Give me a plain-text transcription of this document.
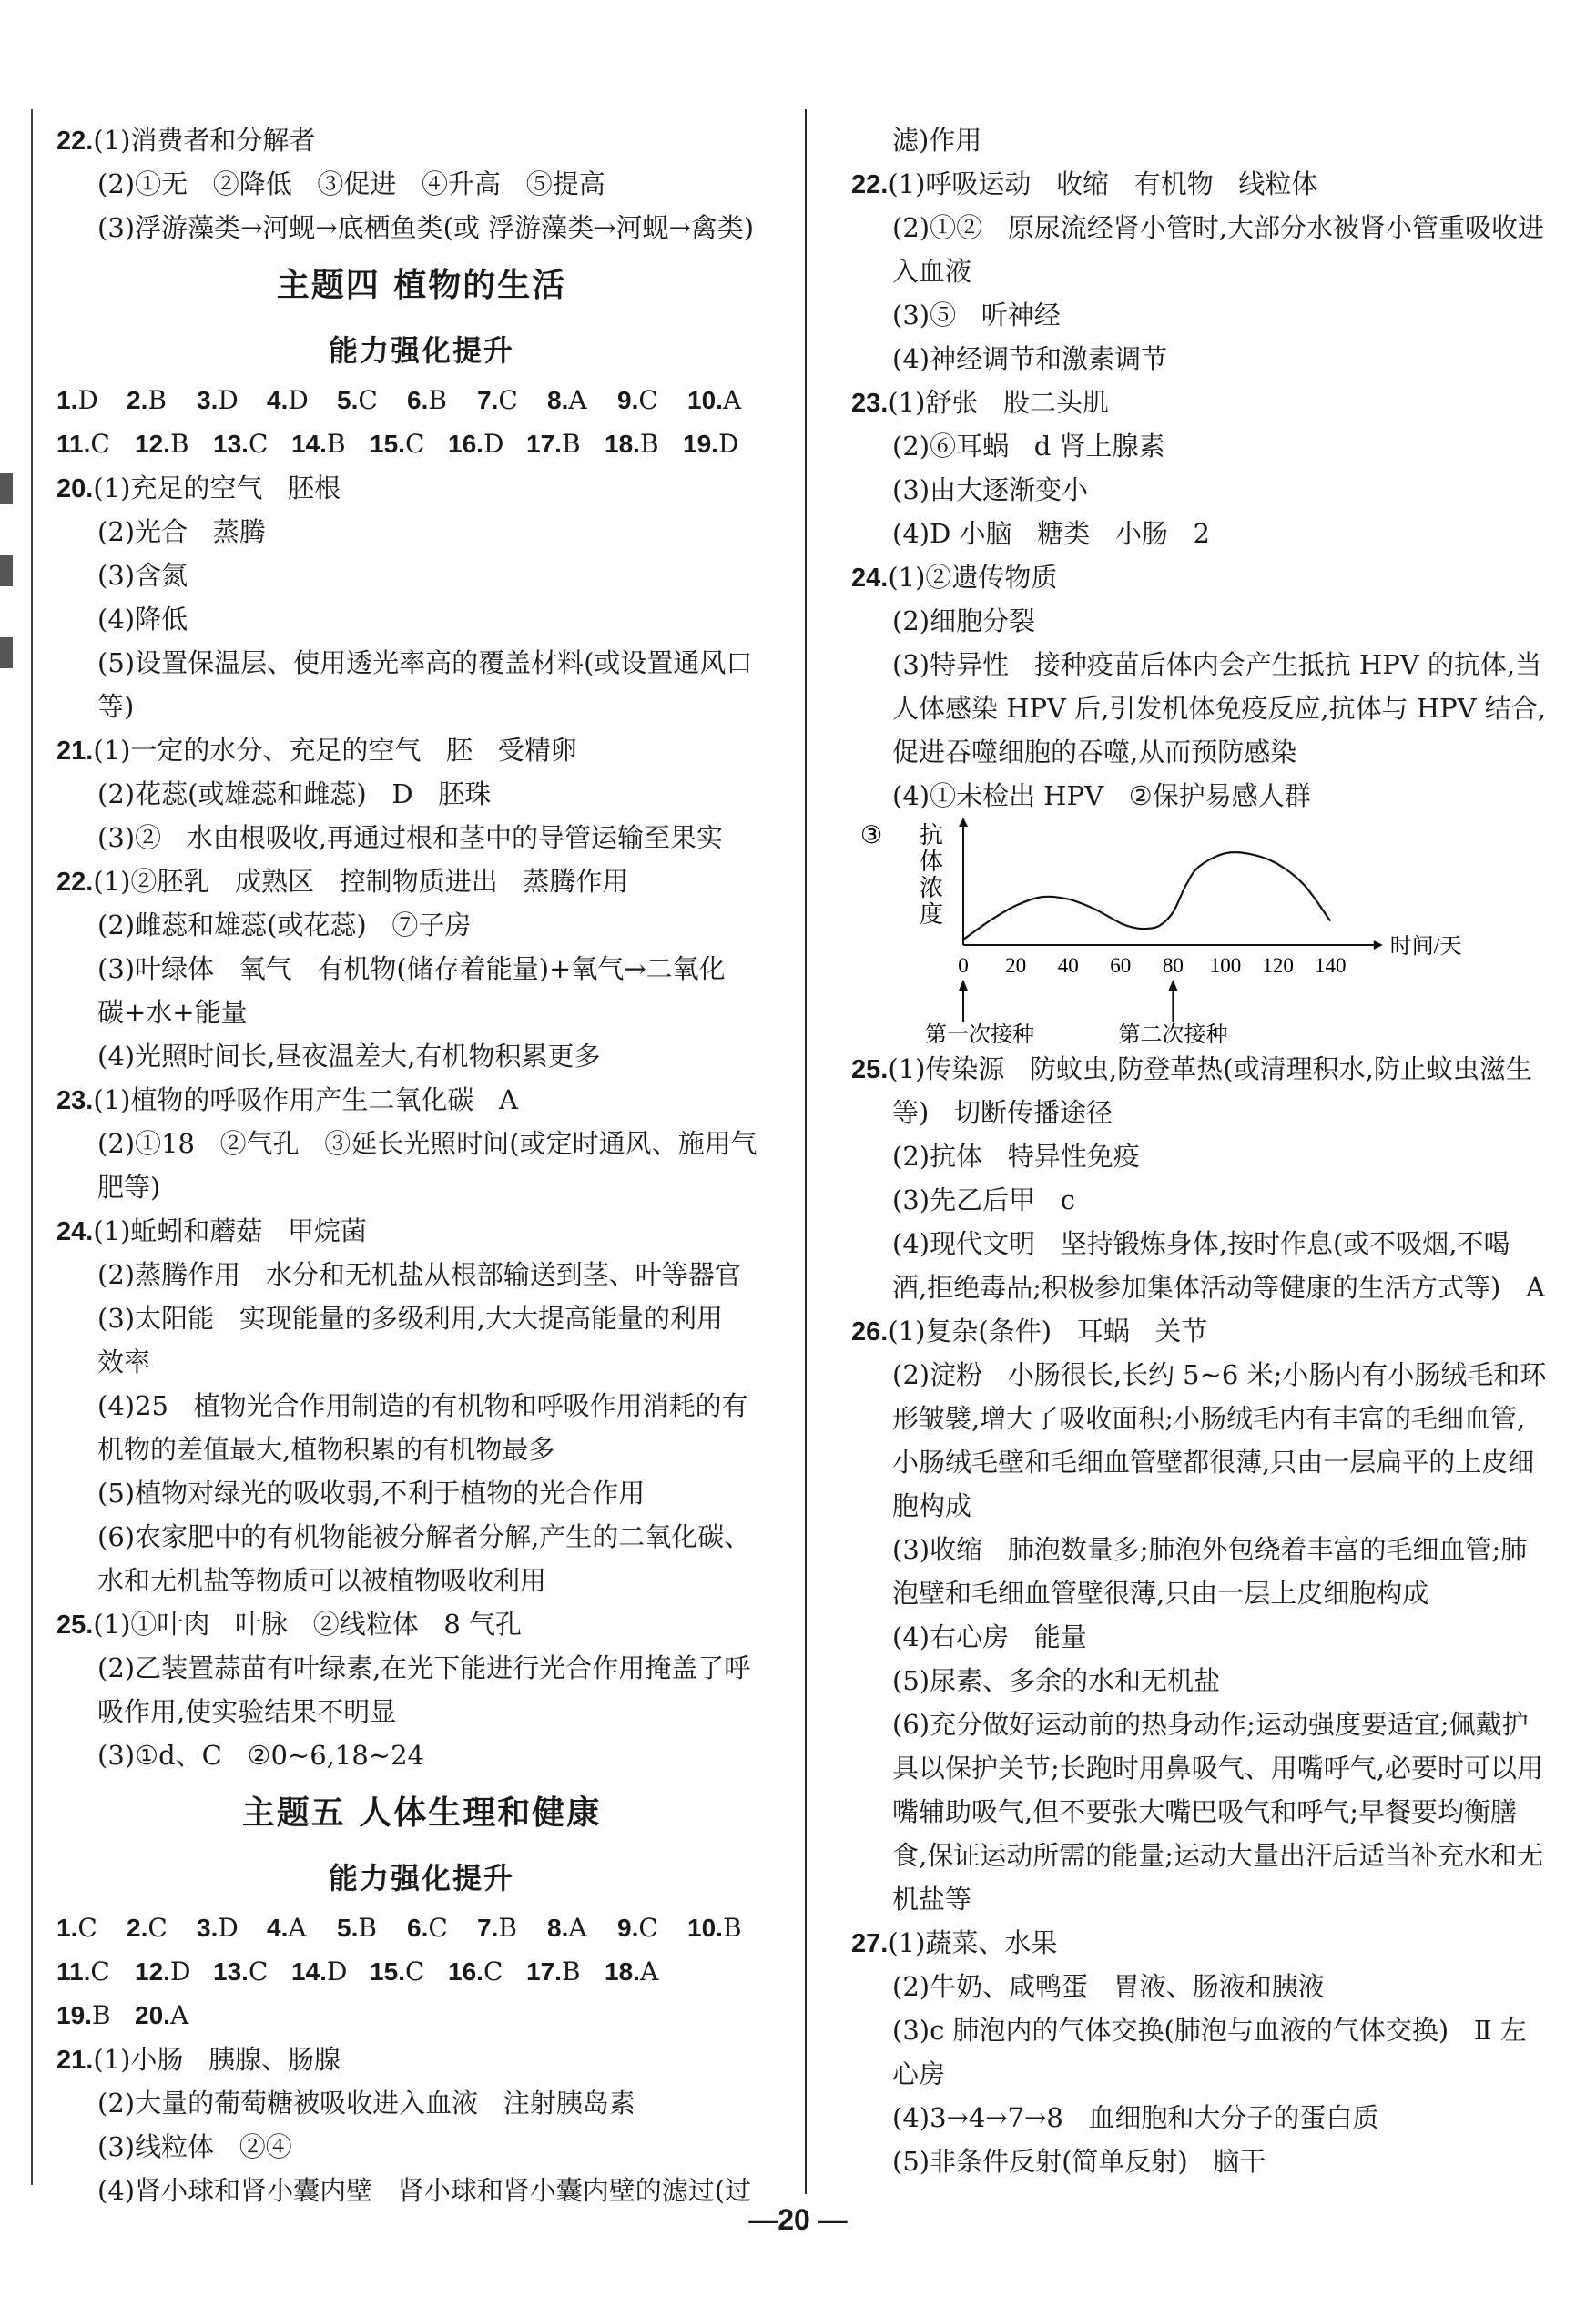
22.(1)消费者和分解者
(2)①无   ②降低   ③促进   ④升高   ⑤提高
(3)浮游藻类→河蚬→底栖鱼类(或 浮游藻类→河蚬→禽类)
主题四 植物的生活
能力强化提升
1.D	2.B	3.D	4.D	5.C	6.B	7.C	8.A	9.C	10.A
11.C 12.B 13.C 14.B 15.C 16.D 17.B 18.B 19.D
20.(1)充足的空气   胚根
(2)光合   蒸腾
(3)含氮
(4)降低
(5)设置保温层、使用透光率高的覆盖材料(或设置通风口
等)
21.(1)一定的水分、充足的空气   胚   受精卵
(2)花蕊(或雄蕊和雌蕊)   D   胚珠
(3)②   水由根吸收,再通过根和茎中的导管运输至果实
22.(1)②胚乳   成熟区   控制物质进出   蒸腾作用
(2)雌蕊和雄蕊(或花蕊)   ⑦子房
(3)叶绿体   氧气   有机物(储存着能量)+氧气→二氧化
碳+水+能量
(4)光照时间长,昼夜温差大,有机物积累更多
23.(1)植物的呼吸作用产生二氧化碳   A
(2)①18   ②气孔   ③延长光照时间(或定时通风、施用气
肥等)
24.(1)蚯蚓和蘑菇   甲烷菌
(2)蒸腾作用   水分和无机盐从根部输送到茎、叶等器官
(3)太阳能   实现能量的多级利用,大大提高能量的利用
效率
(4)25   植物光合作用制造的有机物和呼吸作用消耗的有
机物的差值最大,植物积累的有机物最多
(5)植物对绿光的吸收弱,不利于植物的光合作用
(6)农家肥中的有机物能被分解者分解,产生的二氧化碳、
水和无机盐等物质可以被植物吸收利用
25.(1)①叶肉   叶脉   ②线粒体   8 气孔
(2)乙装置蒜苗有叶绿素,在光下能进行光合作用掩盖了呼
吸作用,使实验结果不明显
(3)①d、C   ②0~6,18~24
主题五 人体生理和健康
能力强化提升
1.C	2.C	3.D	4.A	5.B	6.C	7.B	8.A	9.C	10.B
11.C 12.D 13.C 14.D 15.C 16.C 17.B 18.A
19.B 20.A
21.(1)小肠   胰腺、肠腺
(2)大量的葡萄糖被吸收进入血液   注射胰岛素
(3)线粒体   ②④
(4)肾小球和肾小囊内壁   肾小球和肾小囊内壁的滤过(过
滤)作用
22.(1)呼吸运动   收缩   有机物   线粒体
(2)①②   原尿流经肾小管时,大部分水被肾小管重吸收进
入血液
(3)⑤   听神经
(4)神经调节和激素调节
23.(1)舒张   股二头肌
(2)⑥耳蜗   d 肾上腺素
(3)由大逐渐变小
(4)D 小脑   糖类   小肠   2
24.(1)②遗传物质
(2)细胞分裂
(3)特异性   接种疫苗后体内会产生抵抗 HPV 的抗体,当
人体感染 HPV 后,引发机体免疫反应,抗体与 HPV 结合,
促进吞噬细胞的吞噬,从而预防感染
(4)①未检出 HPV   ②保护易感人群
③ 抗
体
浓
度
时间/天
0 20 40 60 80 100 120 140
第一次接种	第二次接种
25.(1)传染源   防蚊虫,防登革热(或清理积水,防止蚊虫滋生
等)   切断传播途径
(2)抗体   特异性免疫
(3)先乙后甲   c
(4)现代文明   坚持锻炼身体,按时作息(或不吸烟,不喝
酒,拒绝毒品;积极参加集体活动等健康的生活方式等)   A
26.(1)复杂(条件)   耳蜗   关节
(2)淀粉   小肠很长,长约 5~6 米;小肠内有小肠绒毛和环
形皱襞,增大了吸收面积;小肠绒毛内有丰富的毛细血管,
小肠绒毛壁和毛细血管壁都很薄,只由一层扁平的上皮细
胞构成
(3)收缩   肺泡数量多;肺泡外包绕着丰富的毛细血管;肺
泡壁和毛细血管壁很薄,只由一层上皮细胞构成
(4)右心房   能量
(5)尿素、多余的水和无机盐
(6)充分做好运动前的热身动作;运动强度要适宜;佩戴护
具以保护关节;长跑时用鼻吸气、用嘴呼气,必要时可以用
嘴辅助吸气,但不要张大嘴巴吸气和呼气;早餐要均衡膳
食,保证运动所需的能量;运动大量出汗后适当补充水和无
机盐等
27.(1)蔬菜、水果
(2)牛奶、咸鸭蛋   胃液、肠液和胰液
(3)c 肺泡内的气体交换(肺泡与血液的气体交换)   Ⅱ 左
心房
(4)3→4→7→8   血细胞和大分子的蛋白质
(5)非条件反射(简单反射)   脑干
—20 —
